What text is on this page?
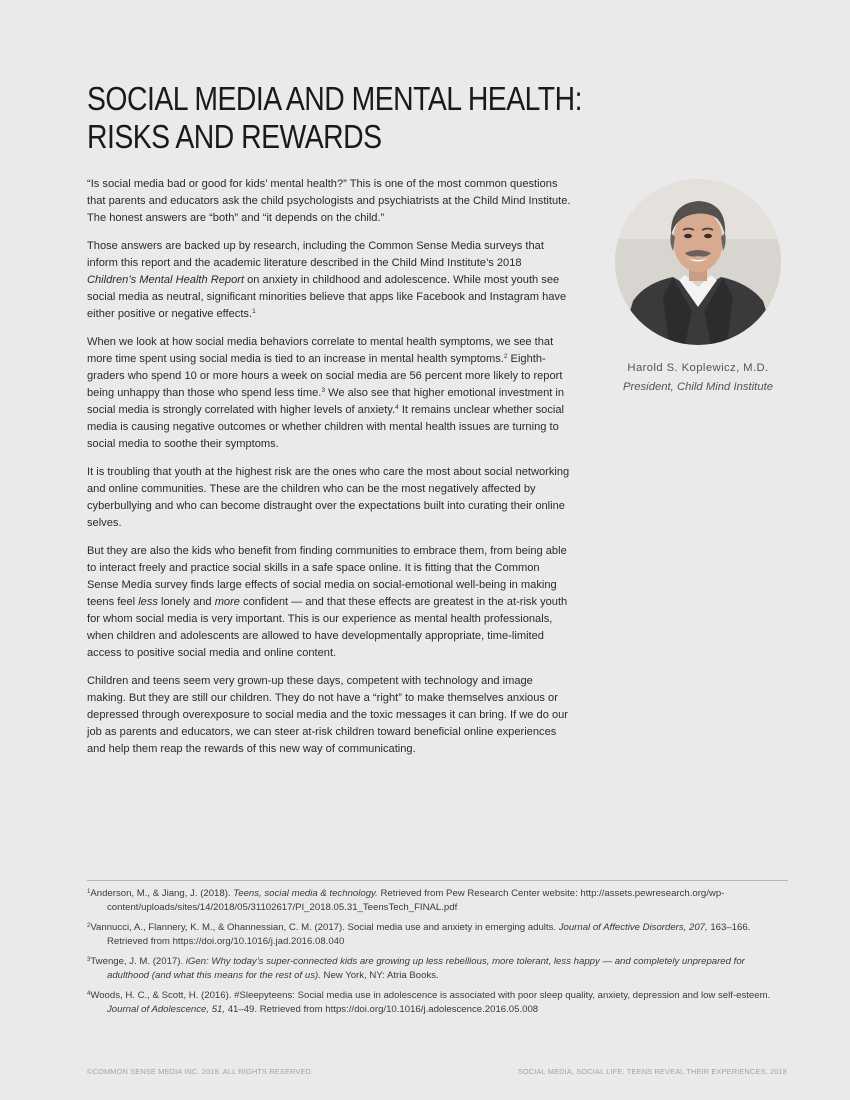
SOCIAL MEDIA AND MENTAL HEALTH:
RISKS AND REWARDS

“Is social media bad or good for kids’ mental health?” This is one of the most common questions that parents and educators ask the child psychologists and psychiatrists at the Child Mind Institute. The honest answers are “both” and “it depends on the child.”

Those answers are backed up by research, including the Common Sense Media surveys that inform this report and the academic literature described in the Child Mind Institute’s 2018 Children’s Mental Health Report on anxiety in childhood and adolescence. While most youth see social media as neutral, significant minorities believe that apps like Facebook and Instagram have either positive or negative effects.$^1$

When we look at how social media behaviors correlate to mental health symptoms, we see that more time spent using social media is tied to an increase in mental health symptoms.$^2$ Eighth-graders who spend 10 or more hours a week on social media are 56 percent more likely to report being unhappy than those who spend less time.$^3$ We also see that higher emotional investment in social media is strongly correlated with higher levels of anxiety.$^4$ It remains unclear whether social media is causing negative outcomes or whether children with mental health issues are turning to social media to soothe their symptoms.

It is troubling that youth at the highest risk are the ones who care the most about social networking and online communities. These are the children who can be the most negatively affected by cyberbullying and who can become distraught over the expectations built into curating their online selves.

But they are also the kids who benefit from finding communities to embrace them, from being able to interact freely and practice social skills in a safe space online. It is fitting that the Common Sense Media survey finds large effects of social media on social-emotional well-being in making teens feel less lonely and more confident — and that these effects are greatest in the at-risk youth for whom social media is very important. This is our experience as mental health professionals, when children and adolescents are allowed to have developmentally appropriate, time-limited access to positive social media and online content.

Children and teens seem very grown-up these days, competent with technology and image making. But they are still our children. They do not have a “right” to make themselves anxious or depressed through overexposure to social media and the toxic messages it can bring. If we do our job as parents and educators, we can steer at-risk children toward beneficial online experiences and help them reap the rewards of this new way of communicating.

Harold S. Koplewicz, M.D.
President, Child Mind Institute

$^1$Anderson, M., & Jiang, J. (2018). Teens, social media & technology. Retrieved from Pew Research Center website: http://assets.pewresearch.org/wp-content/uploads/sites/14/2018/05/31102617/PI_2018.05.31_TeensTech_FINAL.pdf

$^2$Vannucci, A., Flannery, K. M., & Ohannessian, C. M. (2017). Social media use and anxiety in emerging adults. Journal of Affective Disorders, 207, 163–166. Retrieved from https://doi.org/10.1016/j.jad.2016.08.040

$^3$Twenge, J. M. (2017). iGen: Why today’s super-connected kids are growing up less rebellious, more tolerant, less happy — and completely unprepared for adulthood (and what this means for the rest of us). New York, NY: Atria Books.

$^4$Woods, H. C., & Scott, H. (2016). #Sleepyteens: Social media use in adolescence is associated with poor sleep quality, anxiety, depression and low self-esteem. Journal of Adolescence, 51, 41–49. Retrieved from https://doi.org/10.1016/j.adolescence.2016.05.008

©COMMON SENSE MEDIA INC. 2018. ALL RIGHTS RESERVED.	SOCIAL MEDIA, SOCIAL LIFE: TEENS REVEAL THEIR EXPERIENCES, 2018
